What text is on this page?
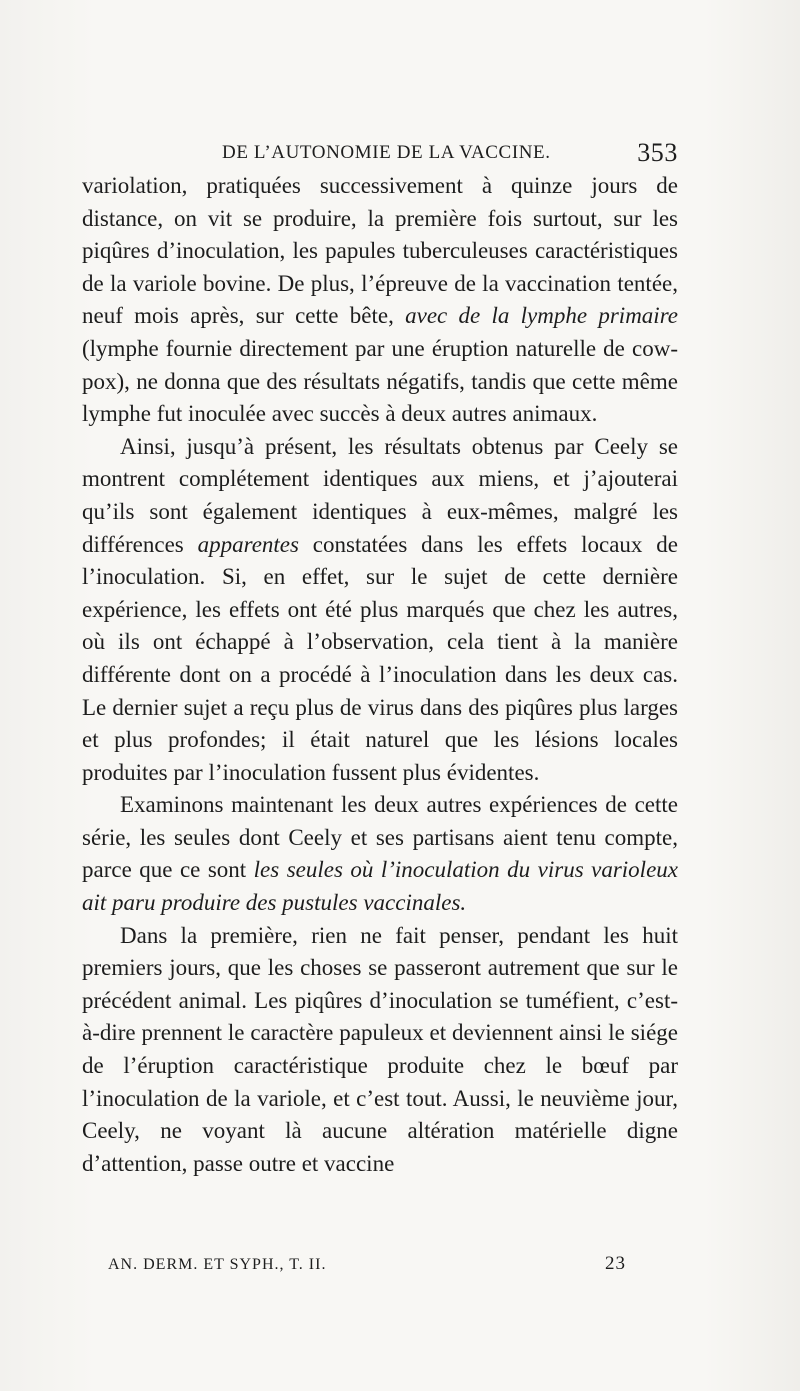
DE L’AUTONOMIE DE LA VACCINE.	353

variolation, pratiquées successivement à quinze jours de distance, on vit se produire, la première fois surtout, sur les piqûres d’inoculation, les papules tuberculeuses caractéristiques de la variole bovine. De plus, l’épreuve de la vaccination tentée, neuf mois après, sur cette bête, avec de la lymphe primaire (lymphe fournie directement par une éruption naturelle de cow-pox), ne donna que des résultats négatifs, tandis que cette même lymphe fut inoculée avec succès à deux autres animaux.

Ainsi, jusqu’à présent, les résultats obtenus par Ceely se montrent complétement identiques aux miens, et j’ajouterai qu’ils sont également identiques à eux-mêmes, malgré les différences apparentes constatées dans les effets locaux de l’inoculation. Si, en effet, sur le sujet de cette dernière expérience, les effets ont été plus marqués que chez les autres, où ils ont échappé à l’observation, cela tient à la manière différente dont on a procédé à l’inoculation dans les deux cas. Le dernier sujet a reçu plus de virus dans des piqûres plus larges et plus profondes; il était naturel que les lésions locales produites par l’inoculation fussent plus évidentes.

Examinons maintenant les deux autres expériences de cette série, les seules dont Ceely et ses partisans aient tenu compte, parce que ce sont les seules où l’inoculation du virus varioleux ait paru produire des pustules vaccinales.

Dans la première, rien ne fait penser, pendant les huit premiers jours, que les choses se passeront autrement que sur le précédent animal. Les piqûres d’inoculation se tuméfient, c’est-à-dire prennent le caractère papuleux et deviennent ainsi le siége de l’éruption caractéristique produite chez le bœuf par l’inoculation de la variole, et c’est tout. Aussi, le neuvième jour, Ceely, ne voyant là aucune altération matérielle digne d’attention, passe outre et vaccine

AN. DERM. ET SYPH., T. II.	23
